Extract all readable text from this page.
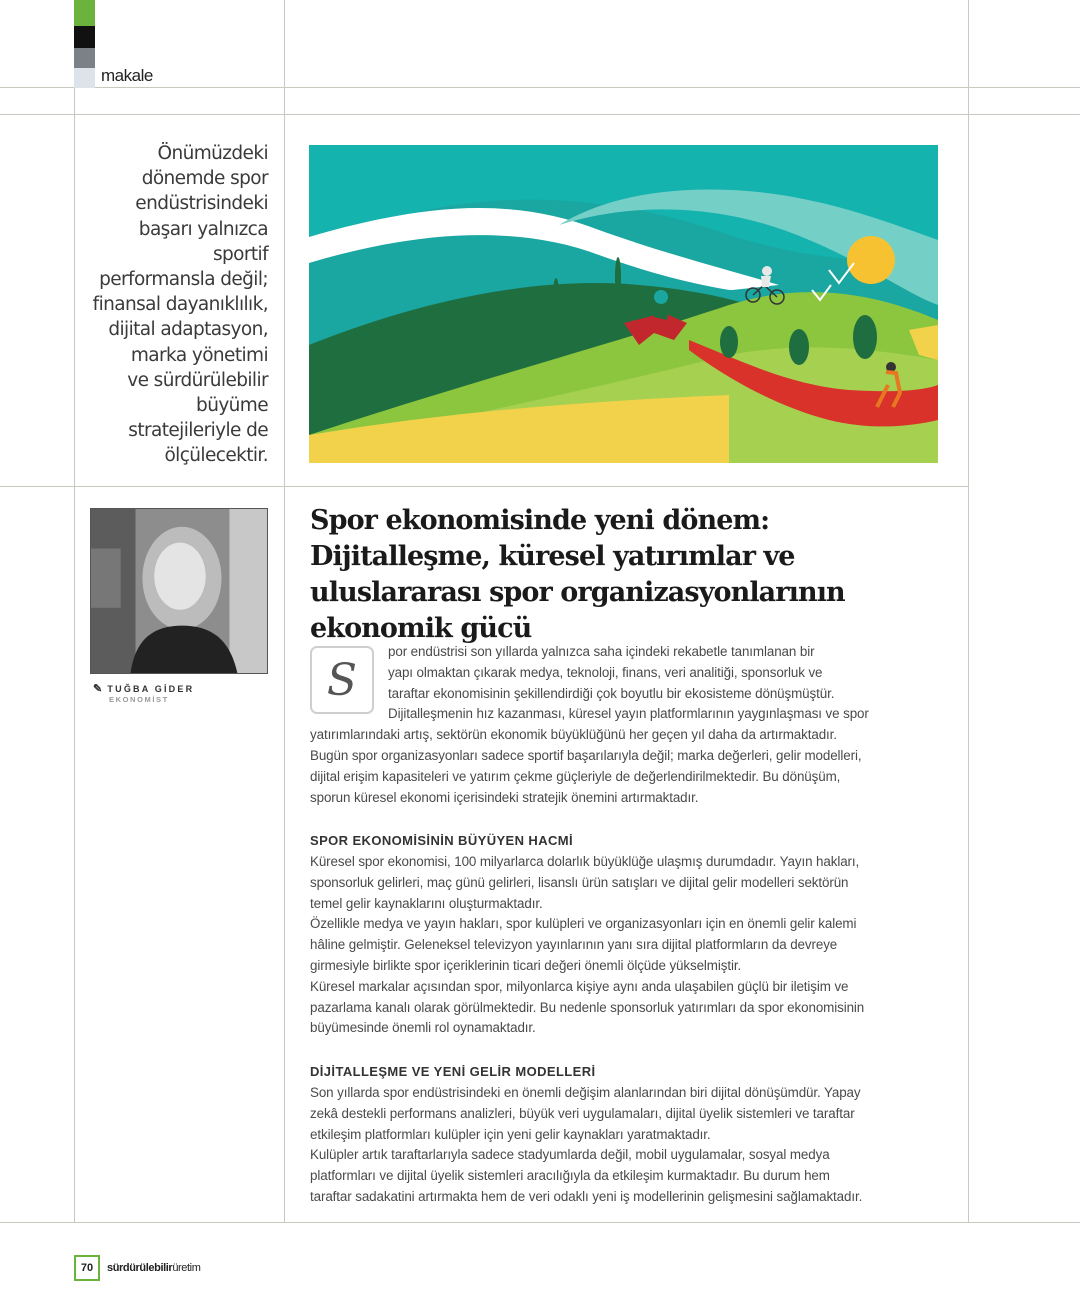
makale
Önümüzdeki
dönemde spor
endüstrisindeki
başarı yalnızca
sportif
performansla değil;
finansal dayanıklılık,
dijital adaptasyon,
marka yönetimi
ve sürdürülebilir
büyüme
stratejileriyle de
ölçülecektir.
✎ TUĞBA GİDER
EKONOMİST
Spor ekonomisinde yeni dönem: Dijitalleşme, küresel yatırımlar ve uluslararası spor organizasyonlarının ekonomik gücü
S

por endüstrisi son yıllarda yalnızca saha içindeki rekabetle tanımlanan bir

yapı olmaktan çıkarak medya, teknoloji, finans, veri analitiği, sponsorluk ve

taraftar ekonomisinin şekillendirdiği çok boyutlu bir ekosisteme dönüşmüştür.

Dijitalleşmenin hız kazanması, küresel yayın platformlarının yaygınlaşması ve spor

yatırımlarındaki artış, sektörün ekonomik büyüklüğünü her geçen yıl daha da artırmaktadır.

Bugün spor organizasyonları sadece sportif başarılarıyla değil; marka değerleri, gelir modelleri,

dijital erişim kapasiteleri ve yatırım çekme güçleriyle de değerlendirilmektedir. Bu dönüşüm,

sporun küresel ekonomi içerisindeki stratejik önemini artırmaktadır.

SPOR EKONOMİSİNİN BÜYÜYEN HACMİ

Küresel spor ekonomisi, 100 milyarlarca dolarlık büyüklüğe ulaşmış durumdadır. Yayın hakları,

sponsorluk gelirleri, maç günü gelirleri, lisanslı ürün satışları ve dijital gelir modelleri sektörün

temel gelir kaynaklarını oluşturmaktadır.

Özellikle medya ve yayın hakları, spor kulüpleri ve organizasyonları için en önemli gelir kalemi

hâline gelmiştir. Geleneksel televizyon yayınlarının yanı sıra dijital platformların da devreye

girmesiyle birlikte spor içeriklerinin ticari değeri önemli ölçüde yükselmiştir.

Küresel markalar açısından spor, milyonlarca kişiye aynı anda ulaşabilen güçlü bir iletişim ve

pazarlama kanalı olarak görülmektedir. Bu nedenle sponsorluk yatırımları da spor ekonomisinin

büyümesinde önemli rol oynamaktadır.

DİJİTALLEŞME VE YENİ GELİR MODELLERİ

Son yıllarda spor endüstrisindeki en önemli değişim alanlarından biri dijital dönüşümdür. Yapay

zekâ destekli performans analizleri, büyük veri uygulamaları, dijital üyelik sistemleri ve taraftar

etkileşim platformları kulüpler için yeni gelir kaynakları yaratmaktadır.

Kulüpler artık taraftarlarıyla sadece stadyumlarda değil, mobil uygulamalar, sosyal medya

platformları ve dijital üyelik sistemleri aracılığıyla da etkileşim kurmaktadır. Bu durum hem

taraftar sadakatini artırmakta hem de veri odaklı yeni iş modellerinin gelişmesini sağlamaktadır.

70	sürdürülebilirüretim
